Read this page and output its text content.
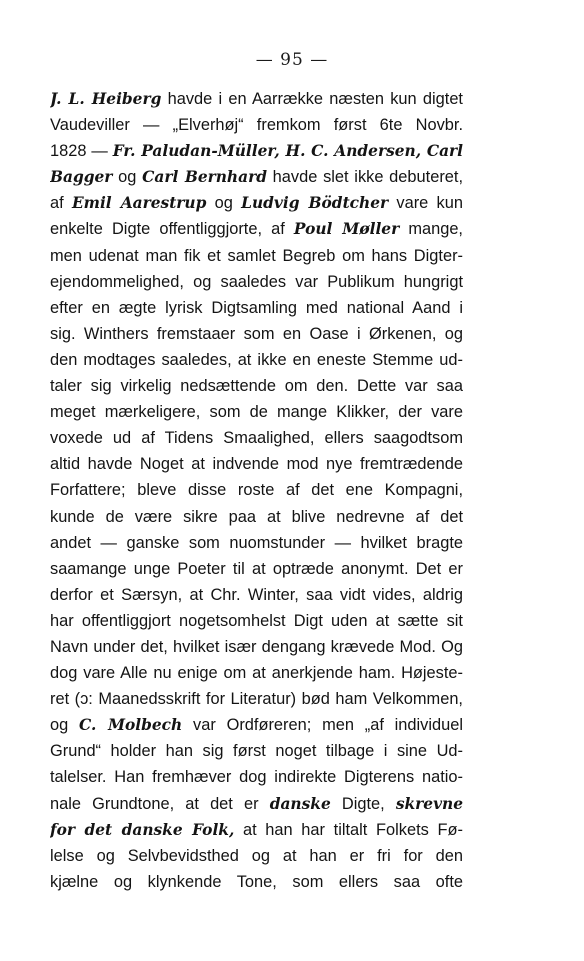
— 95 —
J. L. Heiberg havde i en Aarrække næsten kun digtet
Vaudeviller — „Elverhøj“ fremkom først 6te Novbr.
1828 — Fr. Paludan-Müller, H. C. Andersen, Carl
Bagger og Carl Bernhard havde slet ikke debuteret,
af Emil Aarestrup og Ludvig Bödtcher vare kun
enkelte Digte offentliggjorte, af Poul Møller mange,
men udenat man fik et samlet Begreb om hans Digter-
ejendommelighed, og saaledes var Publikum hungrigt
efter en ægte lyrisk Digtsamling med national Aand i
sig. Winthers fremstaaer som en Oase i Ørkenen, og
den modtages saaledes, at ikke en eneste Stemme ud-
taler sig virkelig nedsættende om den. Dette var saa
meget mærkeligere, som de mange Klikker, der vare
voxede ud af Tidens Smaalighed, ellers saagodtsom
altid havde Noget at indvende mod nye fremtrædende
Forfattere; bleve disse roste af det ene Kompagni,
kunde de være sikre paa at blive nedrevne af det
andet — ganske som nuomstunder — hvilket bragte
saamange unge Poeter til at optræde anonymt. Det er
derfor et Særsyn, at Chr. Winter, saa vidt vides, aldrig
har offentliggjort nogetsomhelst Digt uden at sætte sit
Navn under det, hvilket især dengang krævede Mod. Og
dog vare Alle nu enige om at anerkjende ham. Højeste-
ret (ɔ: Maanedsskrift for Literatur) bød ham Velkommen,
og C. Molbech var Ordføreren; men „af individuel
Grund“ holder han sig først noget tilbage i sine Ud-
talelser. Han fremhæver dog indirekte Digterens natio-
nale Grundtone, at det er danske Digte, skrevne
for det danske Folk, at han har tiltalt Folkets Fø-
lelse og Selvbevidsthed og at han er fri for den
kjælne og klynkende Tone, som ellers saa ofte
